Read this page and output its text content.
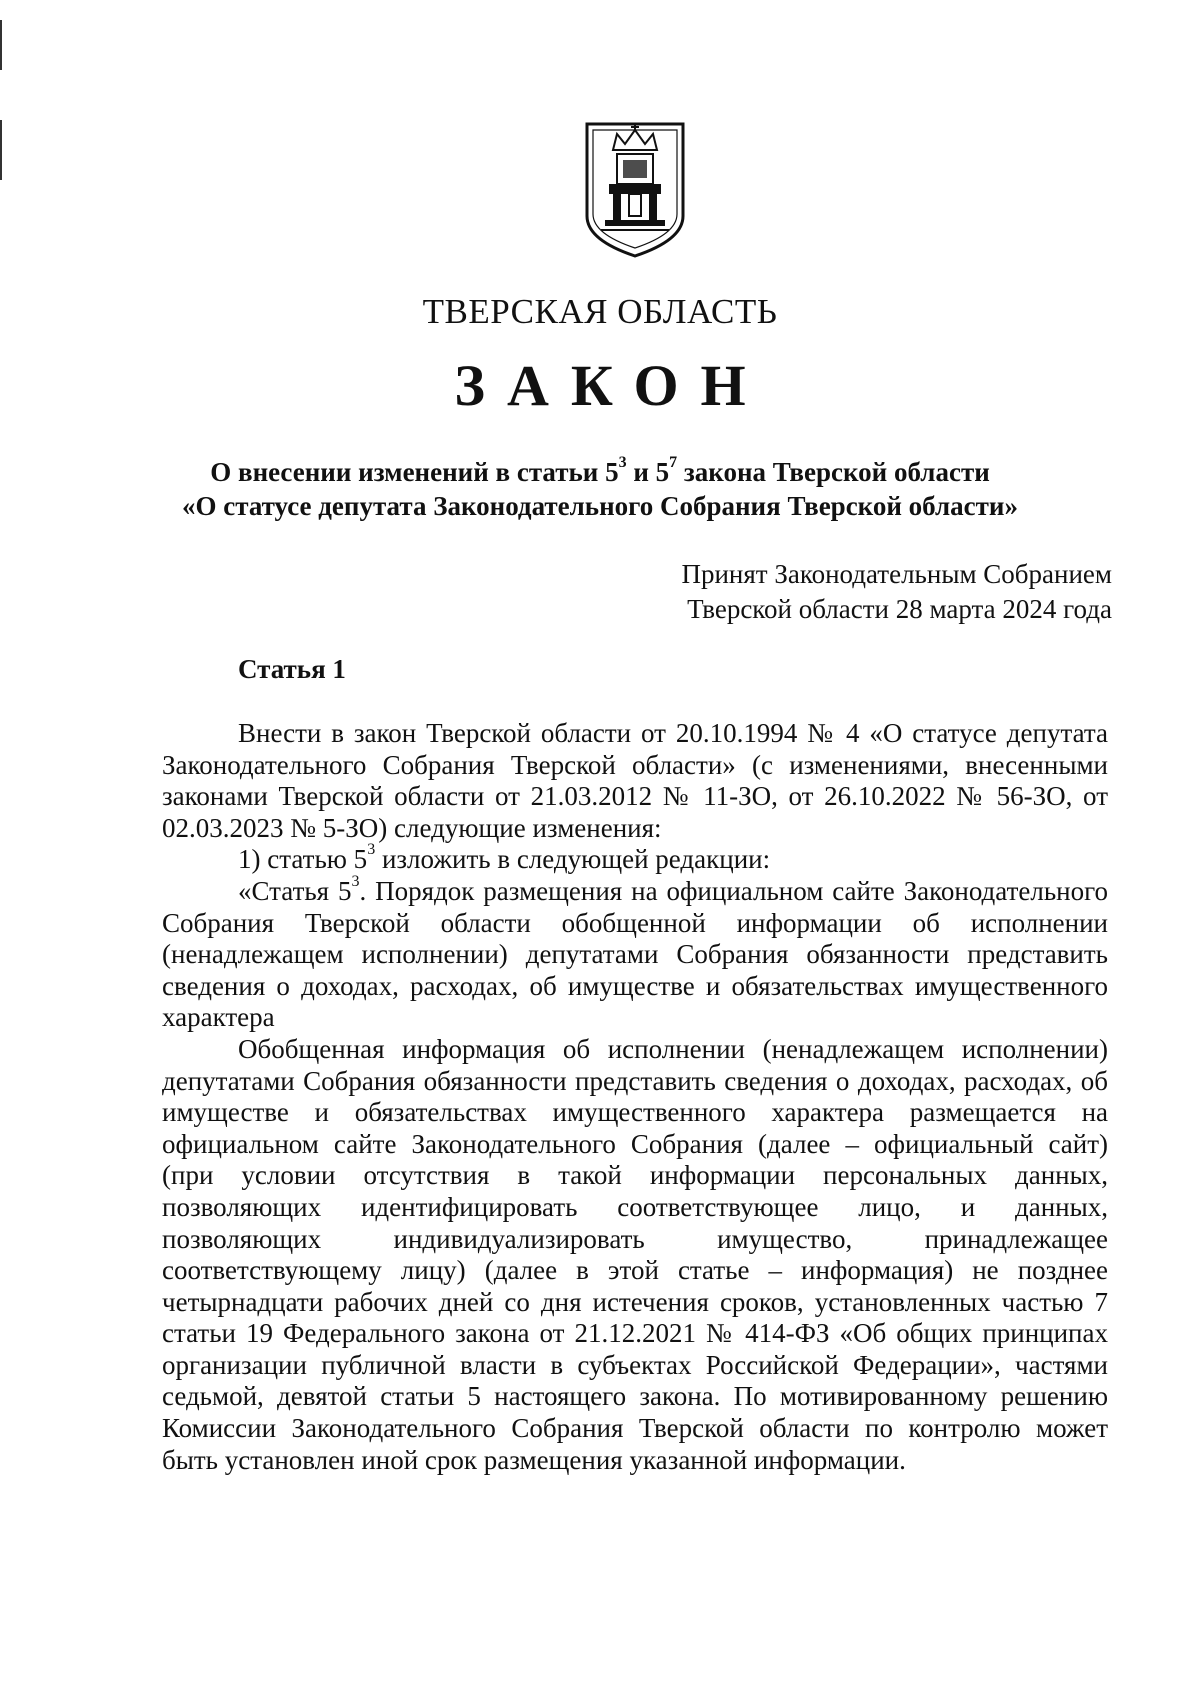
ТВЕРСКАЯ ОБЛАСТЬ
ЗАКОН
О внесении изменений в статьи $5^3$ и $5^7$ закона Тверской области
«О статусе депутата Законодательного Собрания Тверской области»
Принят Законодательным Собранием
Тверской области 28 марта 2024 года
Статья 1

Внести в закон Тверской области от 20.10.1994 № 4 «О статусе депутата Законодательного Собрания Тверской области» (с изменениями, внесенными законами Тверской области от 21.03.2012 № 11-ЗО, от 26.10.2022 № 56-ЗО, от 02.03.2023 № 5-ЗО) следующие изменения:

1) статью $5^3$ изложить в следующей редакции:

«Статья $5^3$. Порядок размещения на официальном сайте Законодательного Собрания Тверской области обобщенной информации об исполнении (ненадлежащем исполнении) депутатами Собрания обязанности представить сведения о доходах, расходах, об имуществе и обязательствах имущественного характера

Обобщенная информация об исполнении (ненадлежащем исполнении) депутатами Собрания обязанности представить сведения о доходах, расходах, об имуществе и обязательствах имущественного характера размещается на официальном сайте Законодательного Собрания (далее – официальный сайт) (при условии отсутствия в такой информации персональных данных, позволяющих идентифицировать соответствующее лицо, и данных, позволяющих индивидуализировать имущество, принадлежащее соответствующему лицу) (далее в этой статье – информация) не позднее четырнадцати рабочих дней со дня истечения сроков, установленных частью 7 статьи 19 Федерального закона от 21.12.2021 № 414-ФЗ «Об общих принципах организации публичной власти в субъектах Российской Федерации», частями седьмой, девятой статьи 5 настоящего закона. По мотивированному решению Комиссии Законодательного Собрания Тверской области по контролю может быть установлен иной срок размещения указанной информации.
